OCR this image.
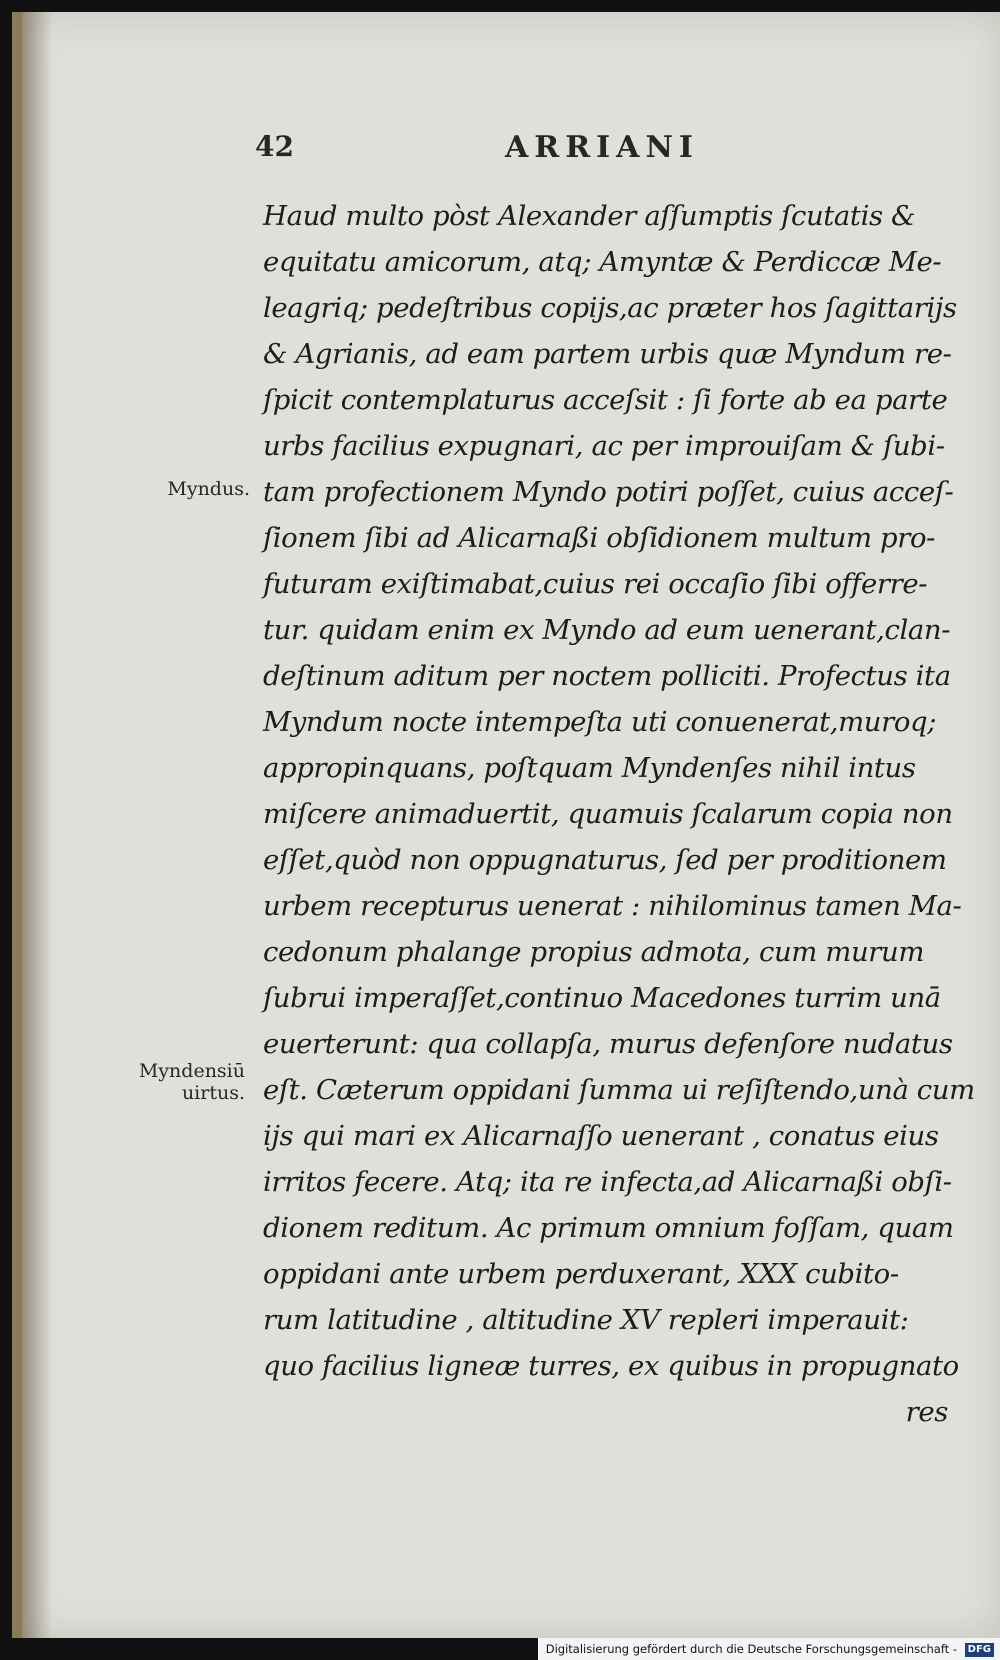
42	ARRIANI
Myndus.
Myndensiū
uirtus.
Haud multo pòst Alexander aſſumptis ſcutatis &
equitatu amicorum, atq; Amyntæ & Perdiccæ Me-
leagriq; pedeſtribus copijs,ac præter hos ſagittarijs
& Agrianis, ad eam partem urbis quæ Myndum re-
ſpicit contemplaturus acceſsit : ſi forte ab ea parte
urbs facilius expugnari, ac per improuiſam & ſubi-
tam profectionem Myndo potiri poſſet, cuius acceſ-
ſionem ſibi ad Alicarnaßi obſidionem multum pro-
futuram exiſtimabat,cuius rei occaſio ſibi offerre-
tur. quidam enim ex Myndo ad eum uenerant,clan-
deſtinum aditum per noctem polliciti. Profectus ita
Myndum nocte intempeſta uti conuenerat,muroq;
appropinquans, poſtquam Myndenſes nihil intus
miſcere animaduertit, quamuis ſcalarum copia non
eſſet,quòd non oppugnaturus, ſed per proditionem
urbem recepturus uenerat : nihilominus tamen Ma-
cedonum phalange propius admota, cum murum
ſubrui imperaſſet,continuo Macedones turrim unā
euerterunt: qua collapſa, murus defenſore nudatus
eſt. Cæterum oppidani ſumma ui reſiſtendo,unà cum
ijs qui mari ex Alicarnaſſo uenerant , conatus eius
irritos fecere. Atq; ita re infecta,ad Alicarnaßi obſi-
dionem reditum. Ac primum omnium foſſam, quam
oppidani ante urbem perduxerant, XXX cubito-
rum latitudine , altitudine XV repleri imperauit:
quo facilius ligneæ turres, ex quibus in propugnato
res
Digitalisierung gefördert durch die Deutsche Forschungsgemeinschaft - DFG
